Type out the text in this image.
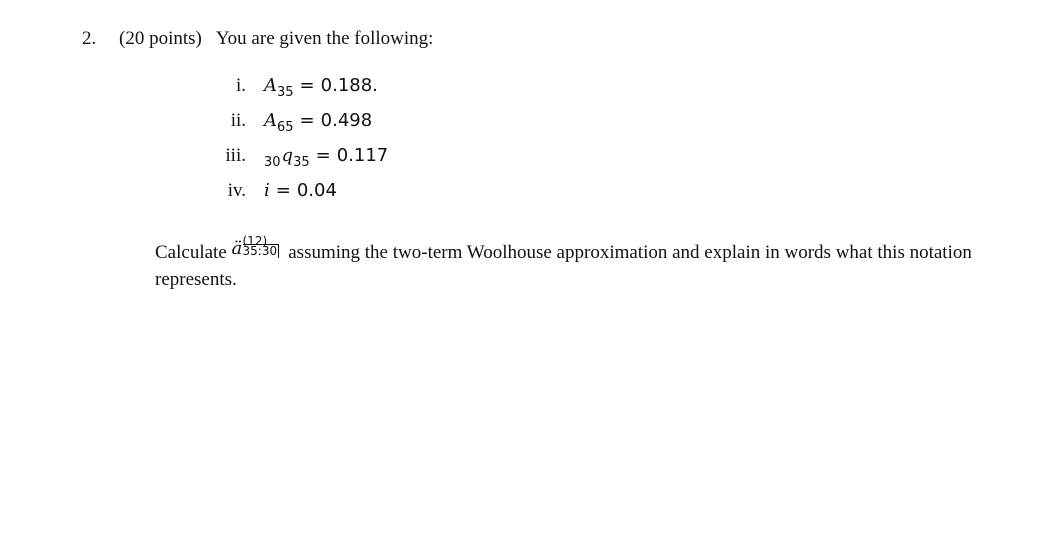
2. (20 points) You are given the following:
i. $A_{35} = 0.188$.
ii. $A_{65} = 0.498$
iii. $_{30}q_{35} = 0.117$
iv. i = 0.04
Calculate ä (12)
35:30 assuming the two-term Woolhouse approximation and explain in words what this notation represents.
